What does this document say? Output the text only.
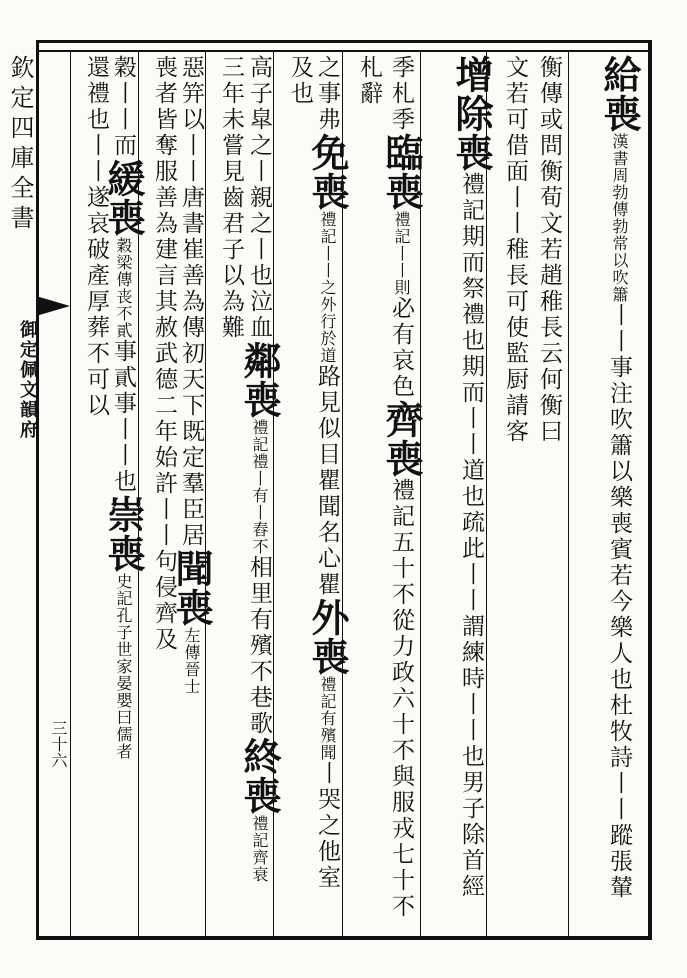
欽定四庫全書
御定佩文韻府
三十六
給喪漢書周勃傳勃常以吹簫丨丨事注吹簫以樂喪賓若今樂人也杜牧詩丨丨蹤張輦
衡傳或問衡荀文若趙稚長云何衡曰
文若可借面丨丨稚長可使監厨請客
增除喪禮記期而祭禮也期而丨丨道也疏此丨丨謂練時丨丨也男子除首經
季札季臨喪禮記丨丨則必有哀色齊喪禮記五十不從力政六十不與服戎七十不
札辭
之事弗免喪禮記丨丨之外行於道路見似目瞿聞名心瞿外喪禮記有殯聞丨哭之他室
及也
高子皐之丨親之丨也泣血鄰喪禮記禮丨有丨舂不相里有殯不巷歌終喪禮記齊衰
三年未嘗見齒君子以為難
惡笄以丨丨唐書崔善為傳初天下既定羣臣居聞喪左傳晉士
喪者皆奪服善為建言其赦武德二年始許丨丨句侵齊及
穀丨丨而緩喪穀梁傳丧不貳事貳事丨丨也崇喪史記孔子世家晏嬰曰儒者
還禮也丨丨遂哀破產厚葬不可以
